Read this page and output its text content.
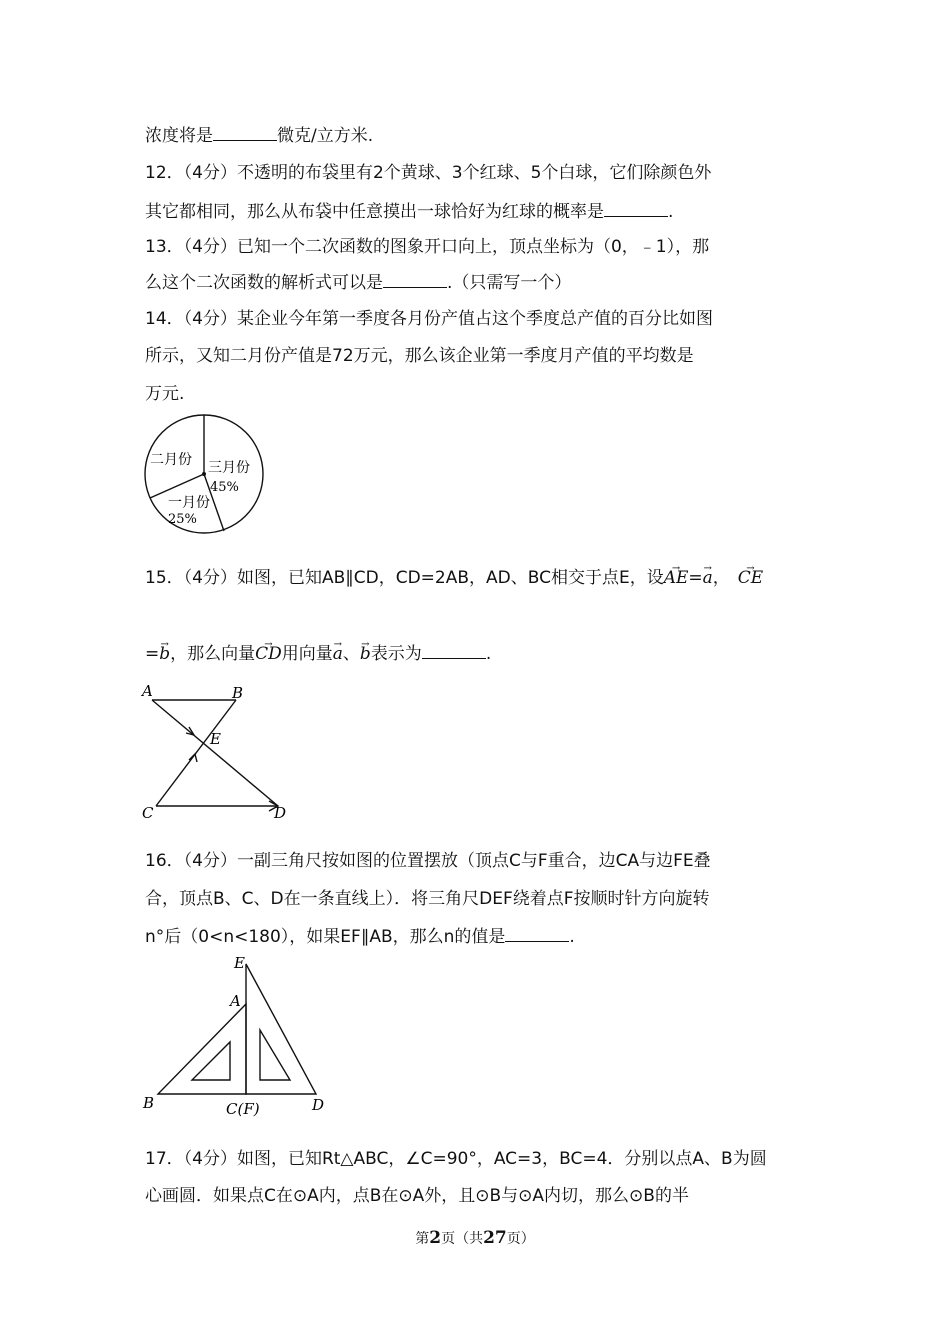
浓度将是	微克/立方米.
12．（4分）不透明的布袋里有2个黄球、3个红球、5个白球，它们除颜色外
其它都相同，那么从布袋中任意摸出一球恰好为红球的概率是	.
13．（4分）已知一个二次函数的图象开口向上，顶点坐标为（0，﹣1），那
么这个二次函数的解析式可以是	.（只需写一个）
14．（4分）某企业今年第一季度各月份产值占这个季度总产值的百分比如图
所示，又知二月份产值是72万元，那么该企业第一季度月产值的平均数是
万元.
二月份 三月份
45%
一月份
25%
15．（4分）如图，已知AB∥CD，CD=2AB，AD、BC相交于点E，设→ AE=→ a，→ CE
=→ b，那么向量→ CD用向量→ a、→ b表示为	.
A	B
E
C	D
16．（4分）一副三角尺按如图的位置摆放（顶点C与F重合，边CA与边FE叠
合，顶点B、C、D在一条直线上）．将三角尺DEF绕着点F按顺时针方向旋转
n°后（0<n<180），如果EF∥AB，那么n的值是	.
E
A
B	C(F)	D
17．（4分）如图，已知Rt△ABC，∠C=90°，AC=3，BC=4．分别以点A、B为圆
心画圆．如果点C在⊙A内，点B在⊙A外，且⊙B与⊙A内切，那么⊙B的半
第2页（共27页）
